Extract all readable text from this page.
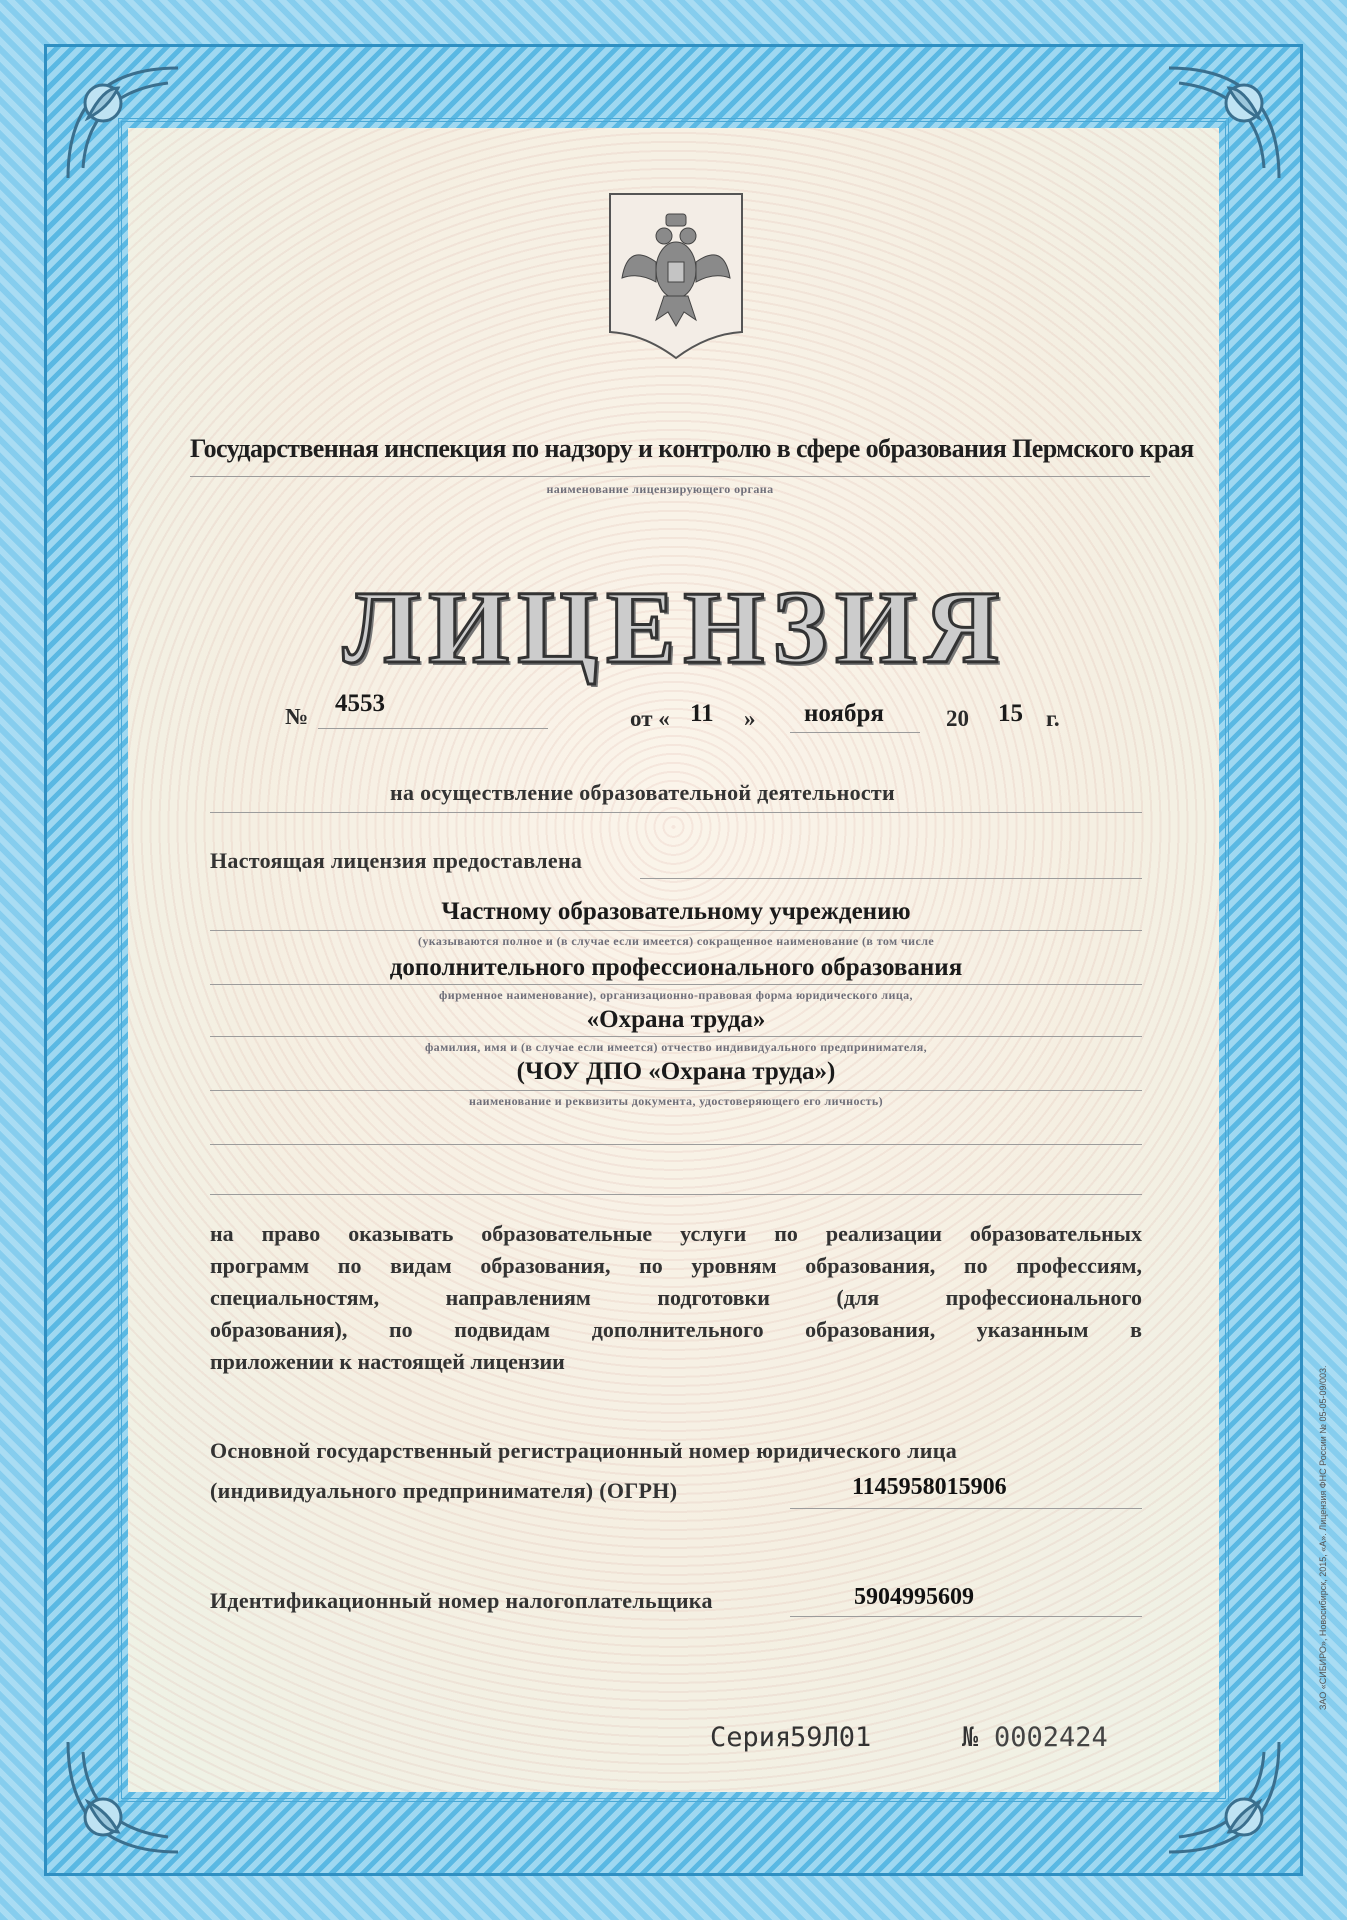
Государственная инспекция по надзору и контролю в сфере образования Пермского края
наименование лицензирующего органа
ЛИЦЕНЗИЯ
№ 4553
от « 11 » ноября	20 15 г.
на осуществление образовательной деятельности
Настоящая лицензия предоставлена
Частному образовательному учреждению
(указываются полное и (в случае если имеется) сокращенное наименование (в том числе
дополнительного профессионального образования
фирменное наименование), организационно-правовая форма юридического лица,
«Охрана труда»
фамилия, имя и (в случае если имеется) отчество индивидуального предпринимателя,
(ЧОУ ДПО «Охрана труда»)
наименование и реквизиты документа, удостоверяющего его личность)
на право оказывать образовательные услуги по реализации образовательных
программ по видам образования, по уровням образования, по профессиям,
специальностям, направлениям подготовки (для профессионального
образования), по подвидам дополнительного образования, указанным в
приложении к настоящей лицензии
Основной государственный регистрационный номер юридического лица
(индивидуального предпринимателя) (ОГРН)	1145958015906
Идентификационный номер налогоплательщика	5904995609
Серия
59Л01	№ 0002424
ЗАО «СИБИРО», Новосибирск, 2015, «А». Лицензия ФНС России № 05-05-09/003.
